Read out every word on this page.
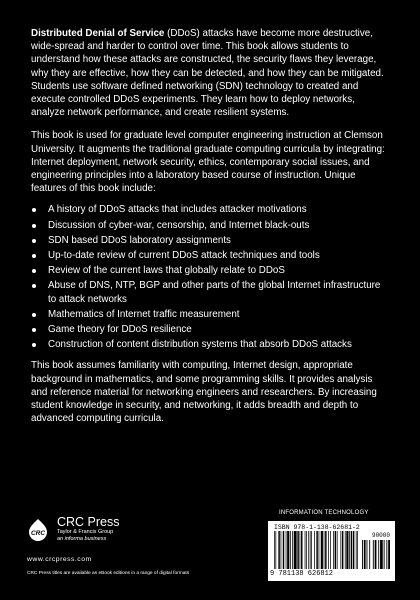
Distributed Denial of Service (DDoS) attacks have become more destructive, wide-spread and harder to control over time. This book allows students to understand how these attacks are constructed, the security flaws they leverage, why they are effective, how they can be detected, and how they can be mitigated. Students use software defined networking (SDN) technology to created and execute controlled DDoS experiments. They learn how to deploy networks, analyze network performance, and create resilient systems.

This book is used for graduate level computer engineering instruction at Clemson University. It augments the traditional graduate computing curricula by integrating: Internet deployment, network security, ethics, contemporary social issues, and engineering principles into a laboratory based course of instruction. Unique features of this book include:

A history of DDoS attacks that includes attacker motivations
Discussion of cyber-war, censorship, and Internet black-outs
SDN based DDoS laboratory assignments
Up-to-date review of current DDoS attack techniques and tools
Review of the current laws that globally relate to DDoS
Abuse of DNS, NTP, BGP and other parts of the global Internet infrastructure to attack networks
Mathematics of Internet traffic measurement
Game theory for DDoS resilience
Construction of content distribution systems that absorb DDoS attacks

This book assumes familiarity with computing, Internet design, appropriate background in mathematics, and some programming skills. It provides analysis and reference material for networking engineers and researchers. By increasing student knowledge in security, and networking, it adds breadth and depth to advanced computing curricula.

CRC
CRC Press
Taylor & Francis Group
an informa business
www.crcpress.com
CRC Press titles are available as eBook editions in a range of digital formats
INFORMATION TECHNOLOGY
ISBN 978-1-138-62681-2
90000
9 781138 626812
